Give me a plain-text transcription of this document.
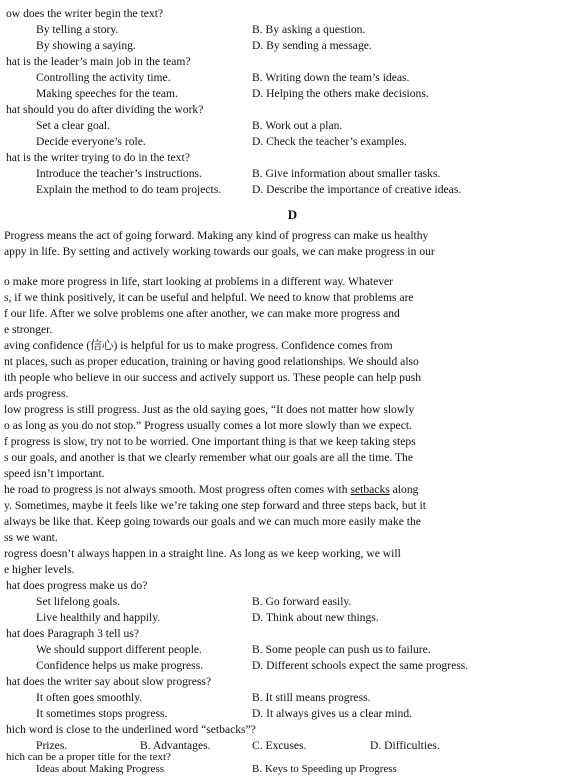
ow does the writer begin the text?
By telling a story.	B. By asking a question.
By showing a saying.	D. By sending a message.
hat is the leader’s main job in the team?
Controlling the activity time.	B. Writing down the team’s ideas.
Making speeches for the team.	D. Helping the others make decisions.
hat should you do after dividing the work?
Set a clear goal.	B. Work out a plan.
Decide everyone’s role.	D. Check the teacher’s examples.
hat is the writer trying to do in the text?
Introduce the teacher’s instructions.	B. Give information about smaller tasks.
Explain the method to do team projects.	D. Describe the importance of creative ideas.
D
Progress means the act of going forward. Making any kind of progress can make us healthy
appy in life. By setting and actively working towards our goals, we can make progress in our
o make more progress in life, start looking at problems in a different way. Whatever
s, if we think positively, it can be useful and helpful. We need to know that problems are
f our life. After we solve problems one after another, we can make more progress and
e stronger.
aving confidence (信心) is helpful for us to make progress. Confidence comes from
nt places, such as proper education, training or having good relationships. We should also
ith people who believe in our success and actively support us. These people can help push
ards progress.
low progress is still progress. Just as the old saying goes, “It does not matter how slowly
o as long as you do not stop.” Progress usually comes a lot more slowly than we expect.
f progress is slow, try not to be worried. One important thing is that we keep taking steps
s our goals, and another is that we clearly remember what our goals are all the time. The
speed isn’t important.
he road to progress is not always smooth. Most progress often comes with setbacks along
y. Sometimes, maybe it feels like we’re taking one step forward and three steps back, but it
always be like that. Keep going towards our goals and we can much more easily make the
ss we want.
rogress doesn’t always happen in a straight line. As long as we keep working, we will
e higher levels.
hat does progress make us do?
Set lifelong goals.	B. Go forward easily.
Live healthily and happily.	D. Think about new things.
hat does Paragraph 3 tell us?
We should support different people.	B. Some people can push us to failure.
Confidence helps us make progress.	D. Different schools expect the same progress.
hat does the writer say about slow progress?
It often goes smoothly.	B. It still means progress.
It sometimes stops progress.	D. It always gives us a clear mind.
hich word is close to the underlined word “setbacks”?
Prizes.	B. Advantages.	C. Excuses.	D. Difficulties.
hich can be a proper title for the text?
Ideas about Making Progress	B. Keys to Speeding up Progress
